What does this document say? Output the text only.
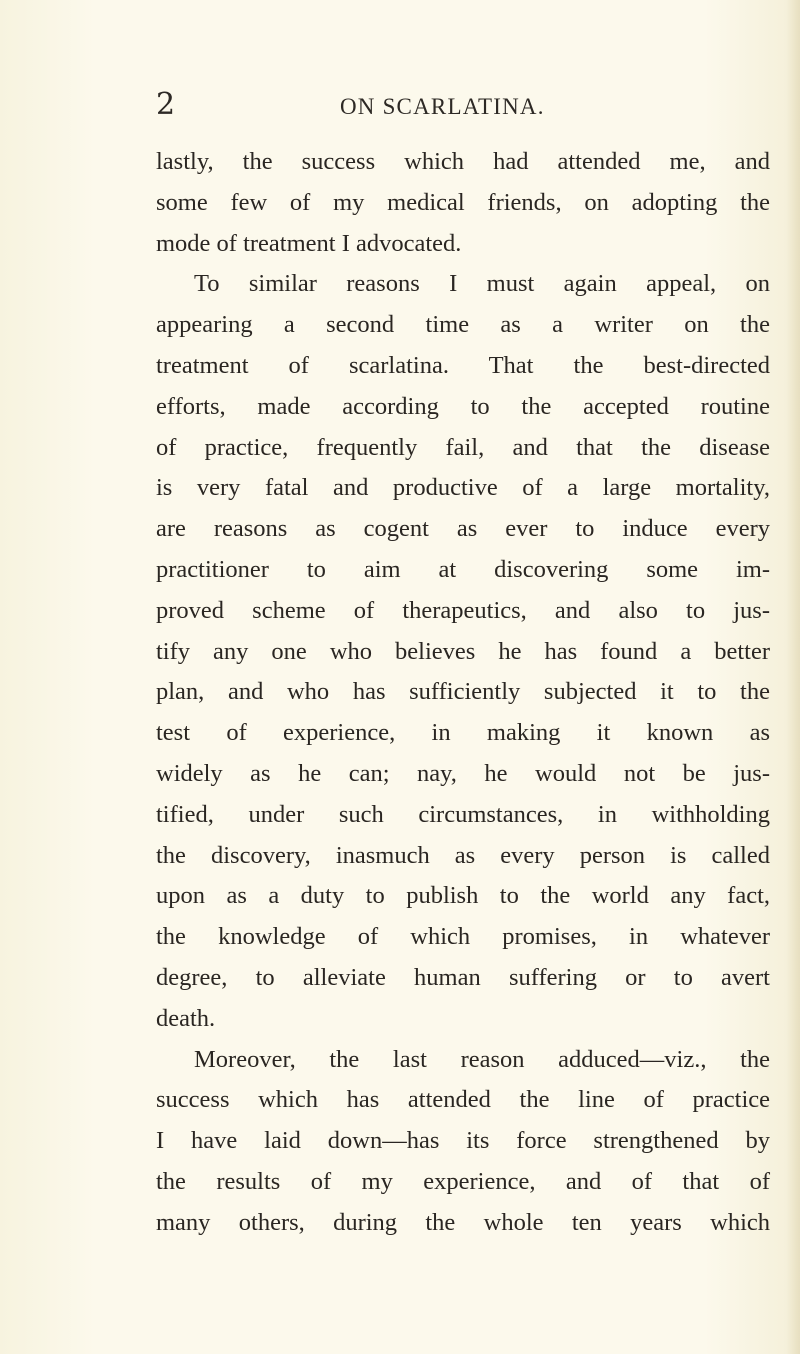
2	ON SCARLATINA.
lastly, the success which had attended me, and
some few of my medical friends, on adopting the
mode of treatment I advocated.
To similar reasons I must again appeal, on
appearing a second time as a writer on the
treatment of scarlatina. That the best-directed
efforts, made according to the accepted routine
of practice, frequently fail, and that the disease
is very fatal and productive of a large mortality,
are reasons as cogent as ever to induce every
practitioner to aim at discovering some im-
proved scheme of therapeutics, and also to jus-
tify any one who believes he has found a better
plan, and who has sufficiently subjected it to the
test of experience, in making it known as
widely as he can; nay, he would not be jus-
tified, under such circumstances, in withholding
the discovery, inasmuch as every person is called
upon as a duty to publish to the world any fact,
the knowledge of which promises, in whatever
degree, to alleviate human suffering or to avert
death.
Moreover, the last reason adduced—viz., the
success which has attended the line of practice
I have laid down—has its force strengthened by
the results of my experience, and of that of
many others, during the whole ten years which
